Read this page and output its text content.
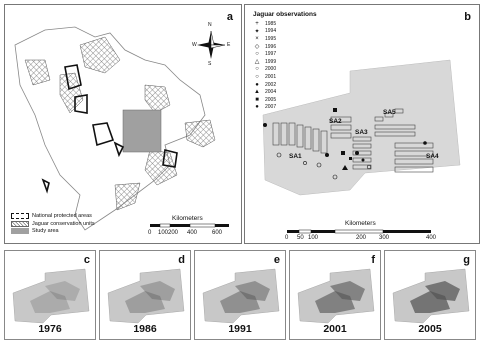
a
N
S
E
W
National protected areas
Jaguar conservation units
Study area
Kilometers
0 100 200 400 600
b
Jaguar observations
+	1985
✦ 1994
×	1995
◇	1996
○	1997
△	1999
○	2000
○	2001
●	2002
▲ 2004
■	2005
●	2007
SA1
SA2
SA3
SA4
SA5
Kilometers
0 50 100	200 300	400
c
1976
d
1986
e
1991
f
2001
g
2005
